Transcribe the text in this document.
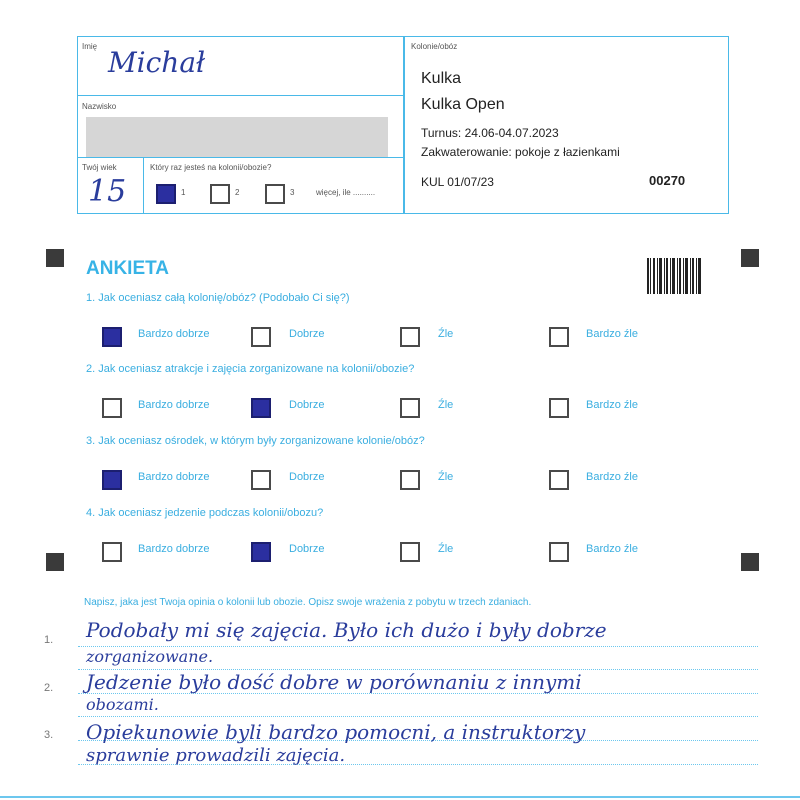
Imię Michał
Nazwisko
Twój wiek
15
Który raz jesteś na kolonii/obozie?
1	2	3	więcej, ile ..........
Kolonie/obóz
Kulka
Kulka Open
Turnus: 24.06-04.07.2023
Zakwaterowanie: pokoje z łazienkami
KUL 01/07/23	00270
ANKIETA
1. Jak oceniasz całą kolonię/obóz? (Podobało Ci się?)
Bardzo dobrze	Dobrze	Źle	Bardzo źle
2. Jak oceniasz atrakcje i zajęcia zorganizowane na kolonii/obozie?
Bardzo dobrze	Dobrze	Źle	Bardzo źle
3. Jak oceniasz ośrodek, w którym były zorganizowane kolonie/obóz?
Bardzo dobrze	Dobrze	Źle	Bardzo źle
4. Jak oceniasz jedzenie podczas kolonii/obozu?
Bardzo dobrze	Dobrze	Źle	Bardzo źle
Napisz, jaka jest Twoja opinia o kolonii lub obozie. Opisz swoje wrażenia z pobytu w trzech zdaniach.
1.
2.
3.
Podobały mi się zajęcia. Było ich dużo i były dobrze
zorganizowane.
Jedzenie było dość dobre w porównaniu z innymi
obozami.
Opiekunowie byli bardzo pomocni, a instruktorzy
sprawnie prowadzili zajęcia.
